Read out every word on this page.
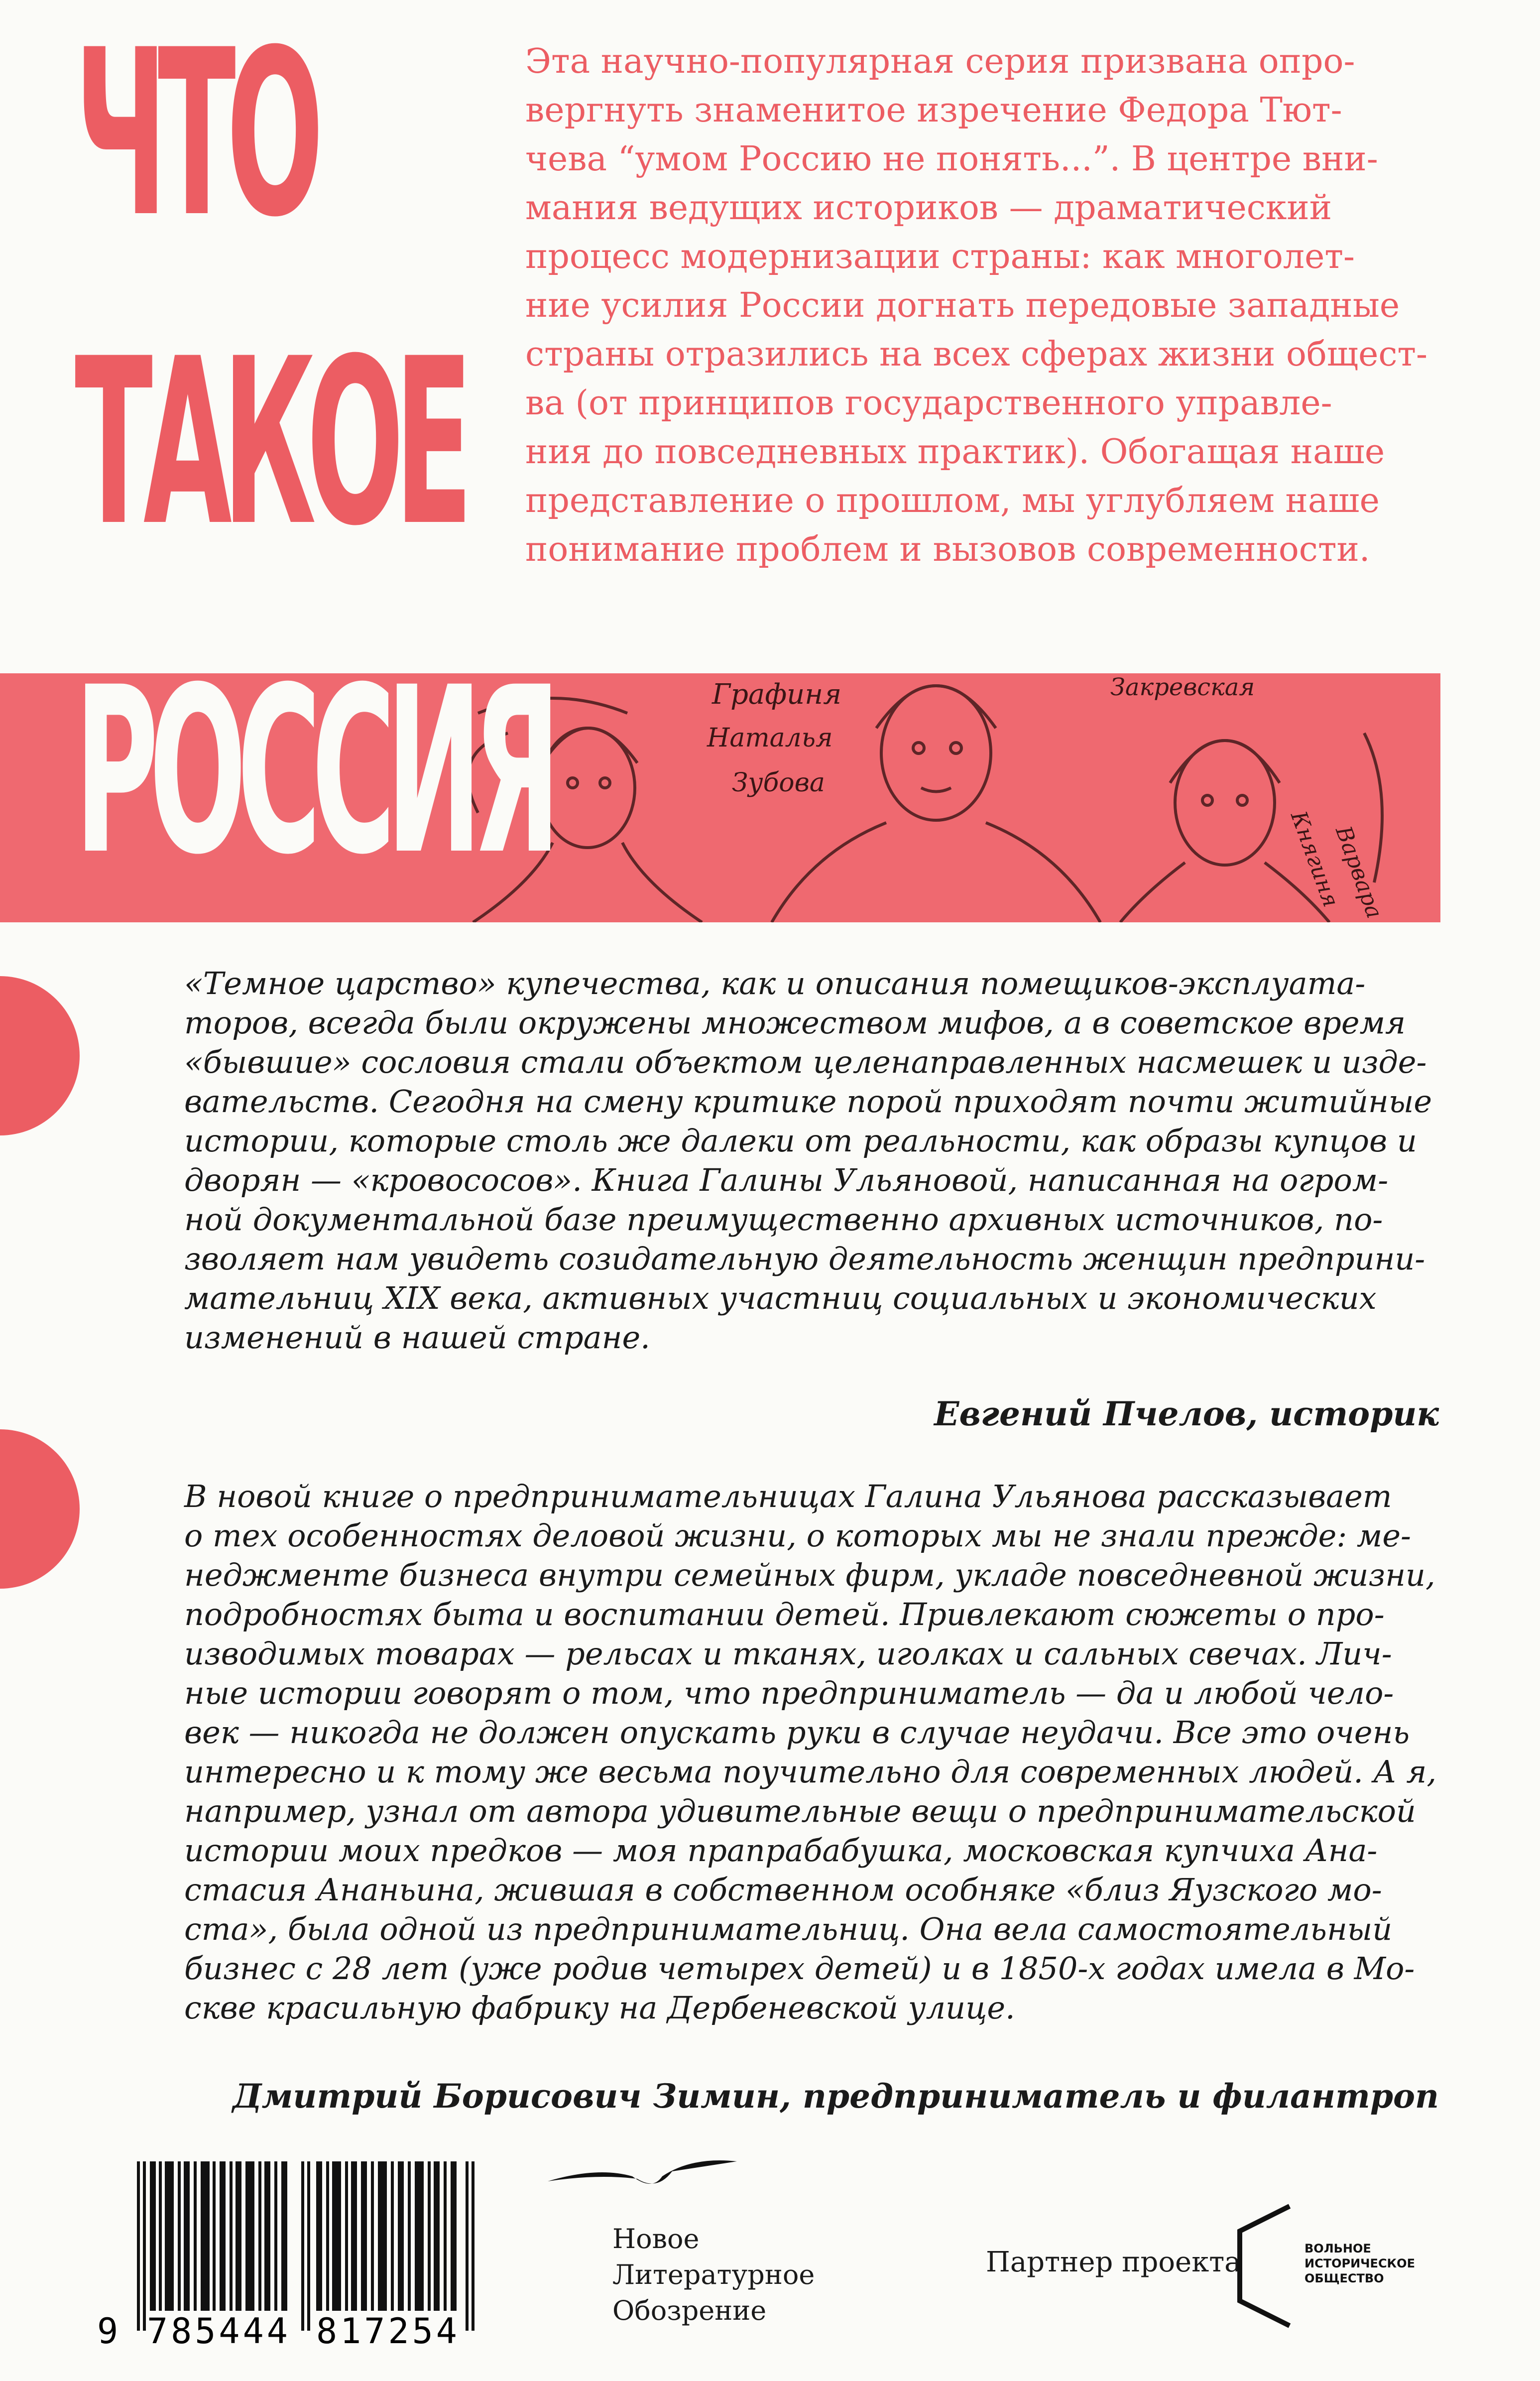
ЧТО
ТАКОЕ
РОССИЯ

Эта научно-популярная серия призвана опро-

вергнуть знаменитое изречение Федора Тют-

чева “умом Россию не понять...”. В центре вни-

мания ведущих историков — драматический

процесс модернизации страны: как многолет-

ние усилия России догнать передовые западные

страны отразились на всех сферах жизни общест-

ва (от принципов государственного управле-

ния до повседневных практик). Обогащая наше

представление о прошлом, мы углубляем наше

понимание проблем и вызовов современности.

Графиня
Наталья
Зубова
Закревская
Княгиня
Варвара

«Темное царство» купечества, как и описания помещиков-эксплуата-

торов, всегда были окружены множеством мифов, а в советское время

«бывшие» сословия стали объектом целенаправленных насмешек и изде-

вательств. Сегодня на смену критике порой приходят почти житийные

истории, которые столь же далеки от реальности, как образы купцов и

дворян — «кровососов». Книга Галины Ульяновой, написанная на огром-

ной документальной базе преимущественно архивных источников, по-

зволяет нам увидеть созидательную деятельность женщин предприни-

мательниц XIX века, активных участниц социальных и экономических

изменений в нашей стране.

Евгений Пчелов, историк

В новой книге о предпринимательницах Галина Ульянова рассказывает

о тех особенностях деловой жизни, о которых мы не знали прежде: ме-

неджменте бизнеса внутри семейных фирм, укладе повседневной жизни,

подробностях быта и воспитании детей. Привлекают сюжеты о про-

изводимых товарах — рельсах и тканях, иголках и сальных свечах. Лич-

ные истории говорят о том, что предприниматель — да и любой чело-

век — никогда не должен опускать руки в случае неудачи. Все это очень

интересно и к тому же весьма поучительно для современных людей. А я,

например, узнал от автора удивительные вещи о предпринимательской

истории моих предков — моя прапрабабушка, московская купчиха Ана-

стасия Ананьина, жившая в собственном особняке «близ Яузского мо-

ста», была одной из предпринимательниц. Она вела самостоятельный

бизнес с 28 лет (уже родив четырех детей) и в 1850-х годах имела в Мо-

скве красильную фабрику на Дербеневской улице.

Дмитрий Борисович Зимин, предприниматель и филантроп
9 785444 817254
Новое
Литературное
Обозрение
Партнер проекта	ВОЛЬНОЕ
ИСТОРИЧЕСКОЕ
ОБЩЕСТВО
